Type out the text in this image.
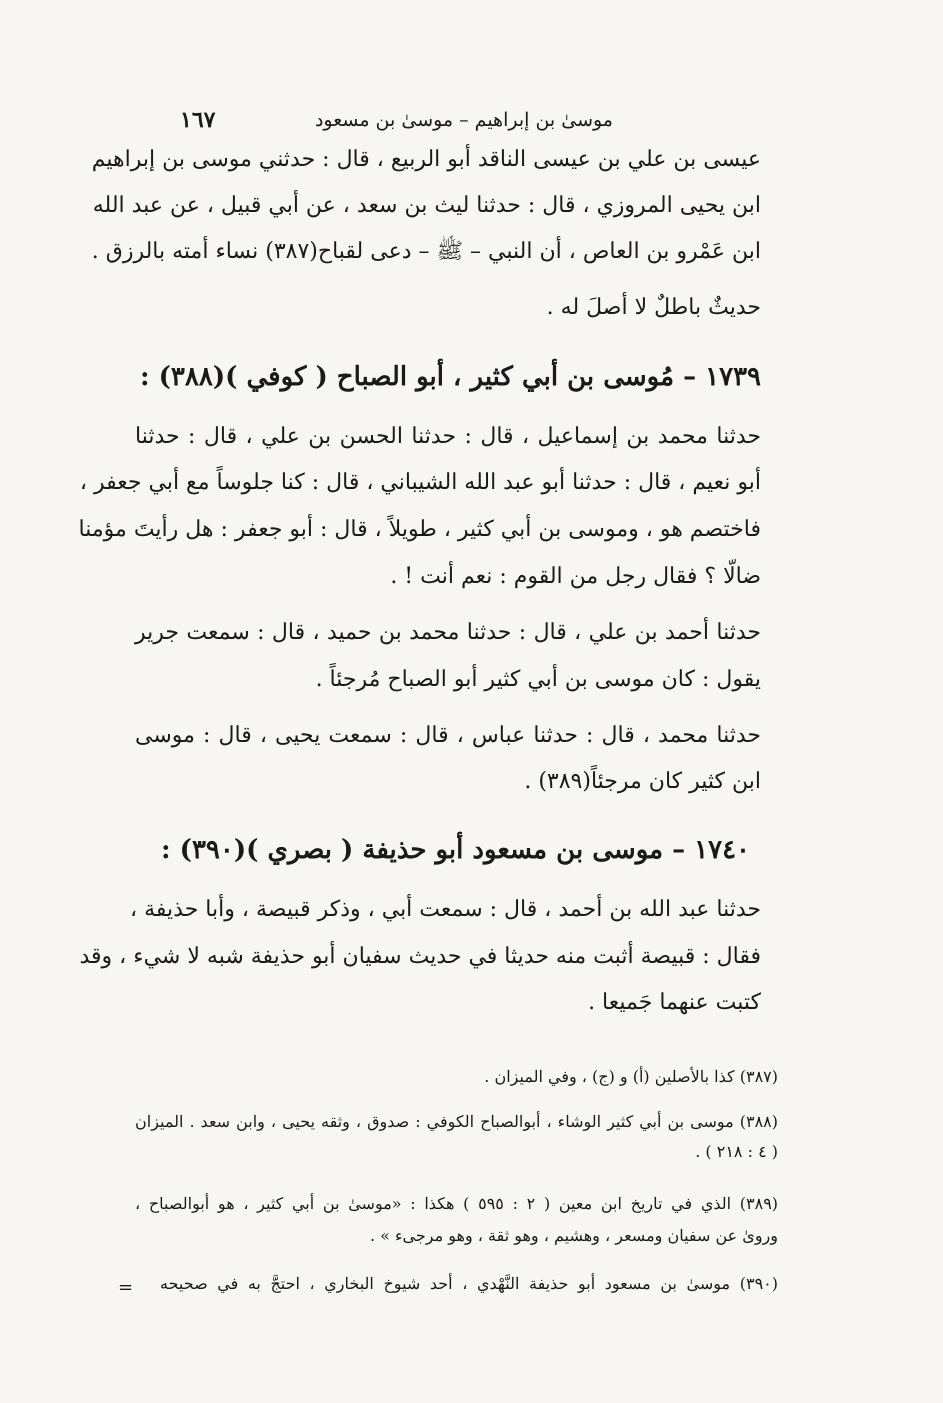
موسىٰ بن إبراهيم – موسىٰ بن مسعود
١٦٧
عيسى بن علي بن عيسى الناقد أبو الربيع ، قال : حدثني موسى بن إبراهيم
ابن يحيى المروزي ، قال : حدثنا ليث بن سعد ، عن أبي قبيل ، عن عبد الله
ابن عَمْرو بن العاص ، أن النبي – ﷺ – دعى لقباح(٣٨٧) نساء أمته بالرزق .
حديثٌ باطلٌ لا أصلَ له .
١٧٣٩ – مُوسى بن أبي كثير ، أبو الصباح ( كوفي )(٣٨٨) :
حدثنا محمد بن إسماعيل ، قال : حدثنا الحسن بن علي ، قال : حدثنا
أبو نعيم ، قال : حدثنا أبو عبد الله الشيباني ، قال : كنا جلوساً مع أبي جعفر ،
فاختصم هو ، وموسى بن أبي كثير ، طويلاً ، قال : أبو جعفر : هل رأيتَ مؤمنا
ضالّا ؟ فقال رجل من القوم : نعم أنت ! .
حدثنا أحمد بن علي ، قال : حدثنا محمد بن حميد ، قال : سمعت جرير
يقول : كان موسى بن أبي كثير أبو الصباح مُرجئاً .
حدثنا محمد ، قال : حدثنا عباس ، قال : سمعت يحيى ، قال : موسى
ابن كثير كان مرجئاً(٣٨٩) .
١٧٤٠ – موسى بن مسعود أبو حذيفة ( بصري )(٣٩٠) :
حدثنا عبد الله بن أحمد ، قال : سمعت أبي ، وذكر قبيصة ، وأبا حذيفة ،
فقال : قبيصة أثبت منه حديثا في حديث سفيان أبو حذيفة شبه لا شيء ، وقد
كتبت عنهما جَميعا .
(٣٨٧) كذا بالأصلين (أ) و (ج) ، وفي الميزان .
(٣٨٨) موسى بن أبي كثير الوشاء ، أبوالصباح الكوفي : صدوق ، وثقه يحيى ، وابن سعد . الميزان
( ٤ : ٢١٨ ) .
(٣٨٩) الذي في تاريخ ابن معين ( ٢ : ٥٩٥ ) هكذا : «موسىٰ بن أبي كثير ، هو أبوالصباح ،
وروىٰ عن سفيان ومسعر ، وهشيم ، وهو ثقة ، وهو مرجىء » .
(٣٩٠) موسىٰ بن مسعود أبو حذيفة النَّهْدي ، أحد شيوخ البخاري ، احتجَّ به في صحيحه
=
